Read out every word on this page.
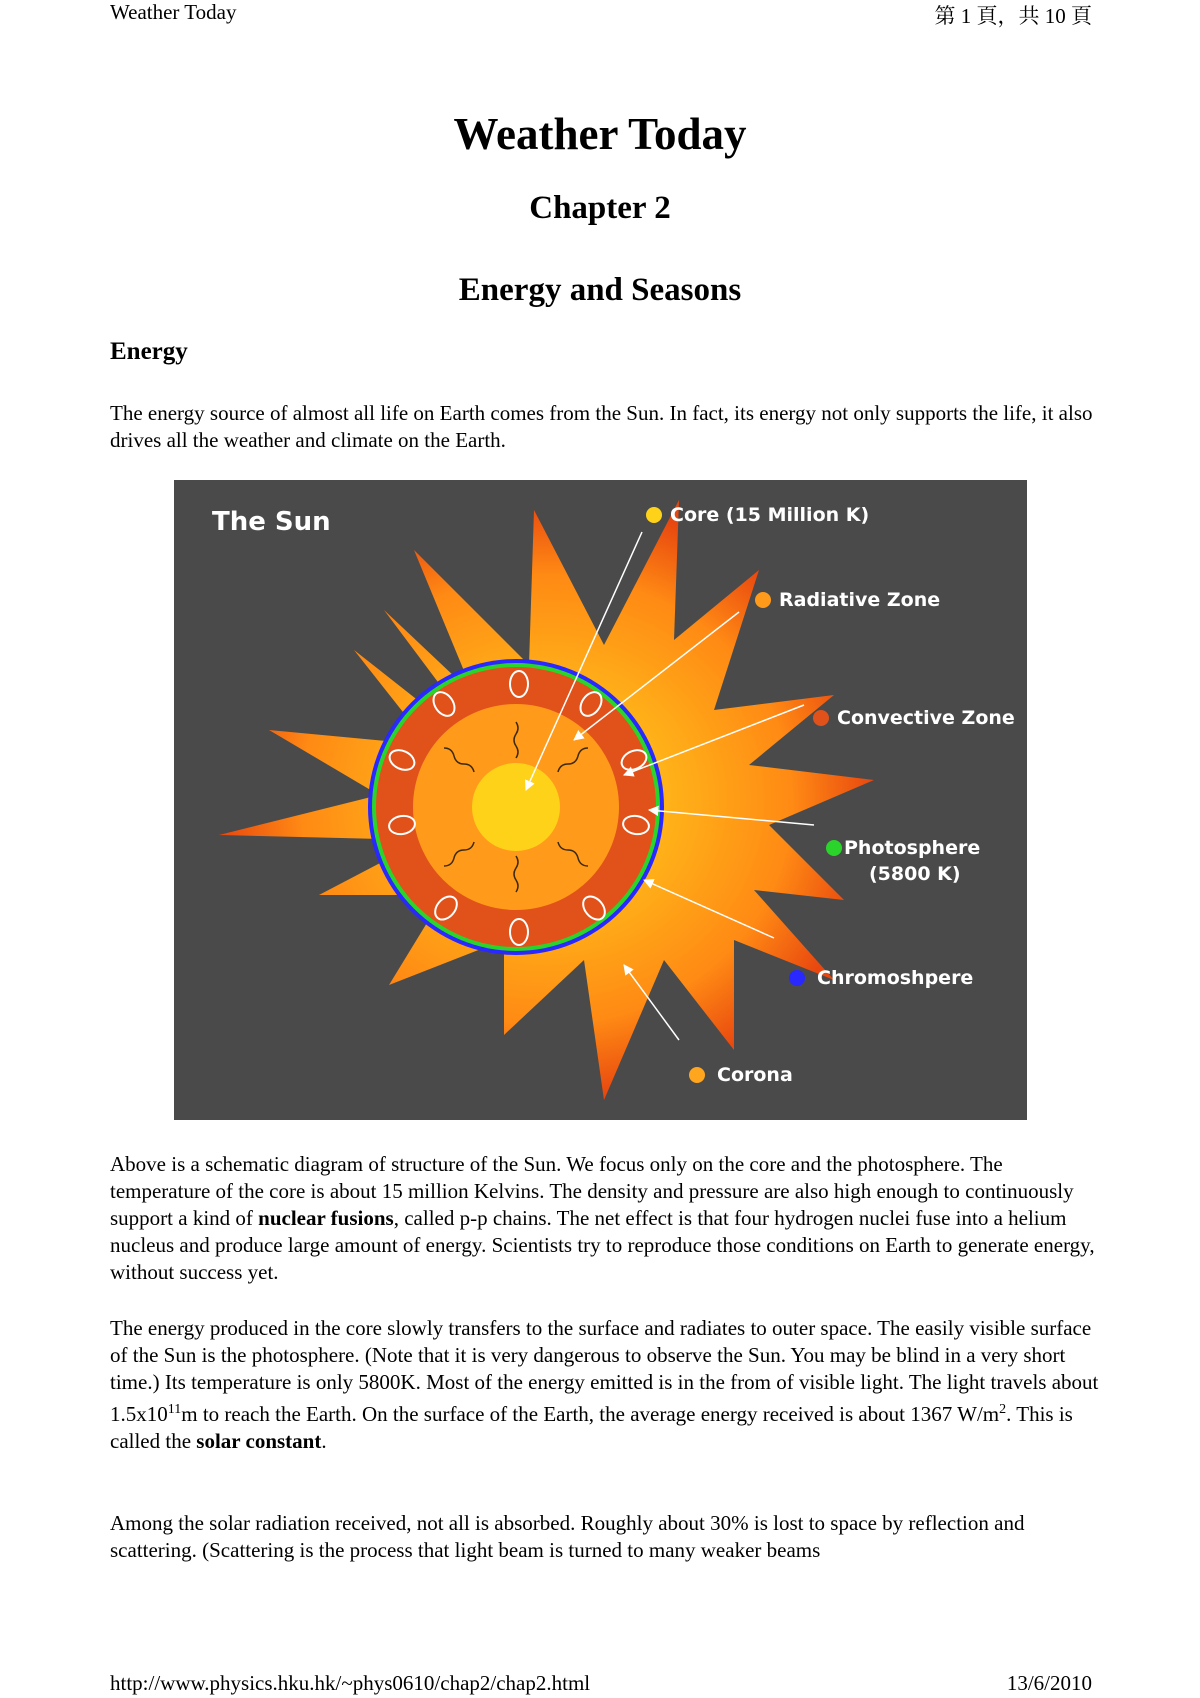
Weather Today	第 1 頁，共 10 頁
Weather Today
Chapter 2
Energy and Seasons
Energy

The energy source of almost all life on Earth comes from the Sun. In fact, its energy not only supports the life, it also drives all the weather and climate on the Earth.

The Sun	Core (15 Million K)
Radiative Zone
Convective Zone
Photosphere
(5800 K)
Chromoshpere
Corona

Above is a schematic diagram of structure of the Sun. We focus only on the core and the photosphere. The temperature of the core is about 15 million Kelvins. The density and pressure are also high enough to continuously support a kind of nuclear fusions, called p-p chains. The net effect is that four hydrogen nuclei fuse into a helium nucleus and produce large amount of energy. Scientists try to reproduce those conditions on Earth to generate energy, without success yet.

The energy produced in the core slowly transfers to the surface and radiates to outer space. The easily visible surface of the Sun is the photosphere. (Note that it is very dangerous to observe the Sun. You may be blind in a very short time.) Its temperature is only 5800K. Most of the energy emitted is in the from of visible light. The light travels about $1.5x10^{11}m$ to reach the Earth. On the surface of the Earth, the average energy received is about 1367 $W/m^2$. This is called the solar constant.

Among the solar radiation received, not all is absorbed. Roughly about 30% is lost to space by reflection and scattering. (Scattering is the process that light beam is turned to many weaker beams

http://www.physics.hku.hk/~phys0610/chap2/chap2.html	13/6/2010
